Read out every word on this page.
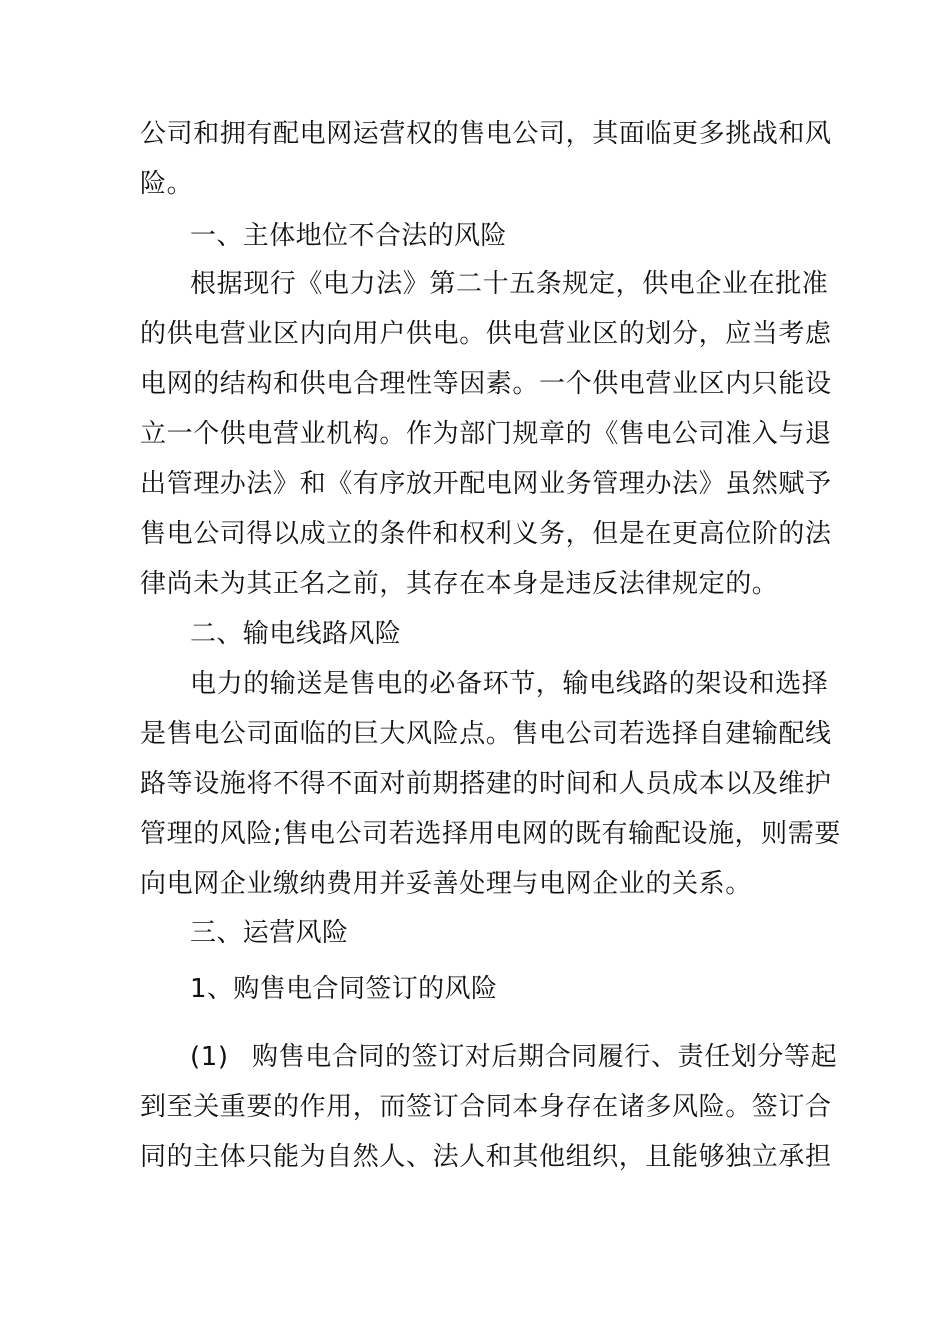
公司和拥有配电网运营权的售电公司，其面临更多挑战和风
险。
一、主体地位不合法的风险
根据现行《电力法》第二十五条规定，供电企业在批准
的供电营业区内向用户供电。供电营业区的划分，应当考虑
电网的结构和供电合理性等因素。一个供电营业区内只能设
立一个供电营业机构。作为部门规章的《售电公司准入与退
出管理办法》和《有序放开配电网业务管理办法》虽然赋予
售电公司得以成立的条件和权利义务，但是在更高位阶的法
律尚未为其正名之前，其存在本身是违反法律规定的。
二、输电线路风险
电力的输送是售电的必备环节，输电线路的架设和选择
是售电公司面临的巨大风险点。售电公司若选择自建输配线
路等设施将不得不面对前期搭建的时间和人员成本以及维护
管理的风险;售电公司若选择用电网的既有输配设施，则需要
向电网企业缴纳费用并妥善处理与电网企业的关系。
三、运营风险
1、购售电合同签订的风险
(1) 购售电合同的签订对后期合同履行、责任划分等起
到至关重要的作用，而签订合同本身存在诸多风险。签订合
同的主体只能为自然人、法人和其他组织，且能够独立承担
